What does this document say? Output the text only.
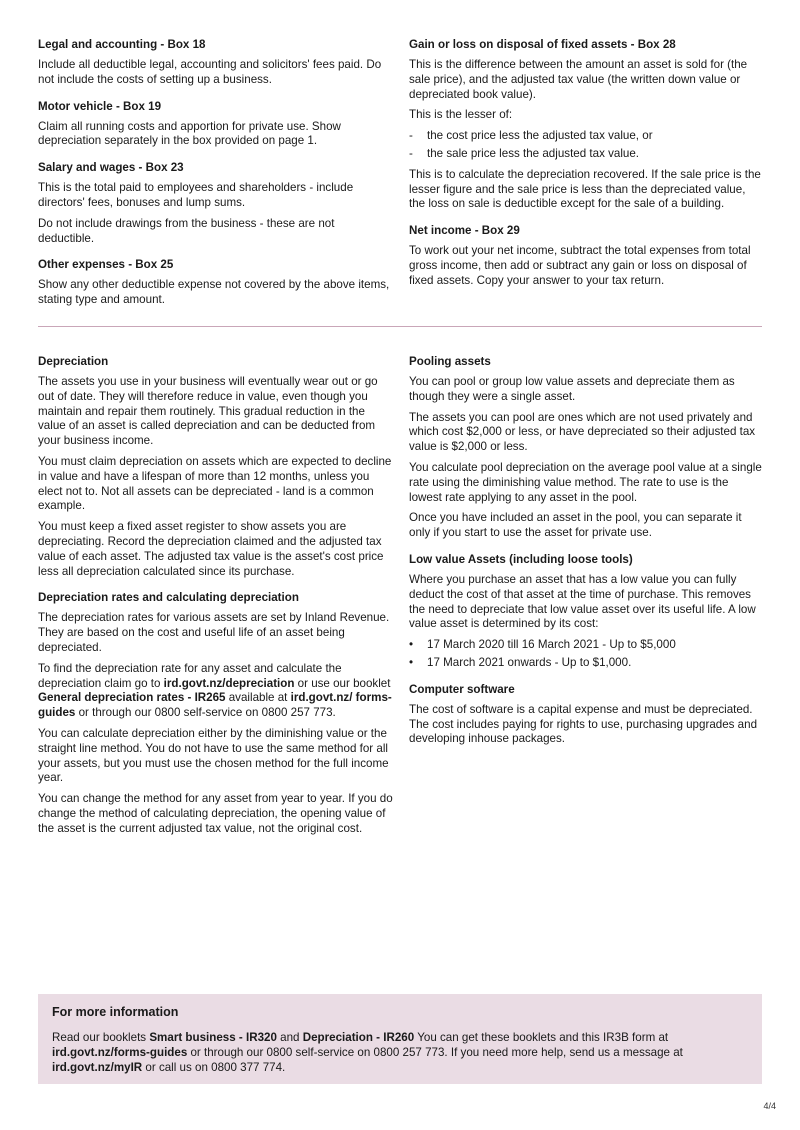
Legal and accounting - Box 18

Include all deductible legal, accounting and solicitors' fees paid. Do not include the costs of setting up a business.

Motor vehicle - Box 19

Claim all running costs and apportion for private use. Show depreciation separately in the box provided on page 1.

Salary and wages - Box 23

This is the total paid to employees and shareholders - include directors' fees, bonuses and lump sums.

Do not include drawings from the business - these are not deductible.

Other expenses - Box 25

Show any other deductible expense not covered by the above items, stating type and amount.

Gain or loss on disposal of fixed assets - Box 28

This is the difference between the amount an asset is sold for (the sale price), and the adjusted tax value (the written down value or depreciated book value).

This is the lesser of:

- the cost price less the adjusted tax value, or
- the sale price less the adjusted tax value.

This is to calculate the depreciation recovered. If the sale price is the lesser figure and the sale price is less than the depreciated value, the loss on sale is deductible except for the sale of a building.

Net income - Box 29

To work out your net income, subtract the total expenses from total gross income, then add or subtract any gain or loss on disposal of fixed assets. Copy your answer to your tax return.

Depreciation

The assets you use in your business will eventually wear out or go out of date. They will therefore reduce in value, even though you maintain and repair them routinely. This gradual reduction in the value of an asset is called depreciation and can be deducted from your business income.

You must claim depreciation on assets which are expected to decline in value and have a lifespan of more than 12 months, unless you elect not to. Not all assets can be depreciated - land is a common example.

You must keep a fixed asset register to show assets you are depreciating. Record the depreciation claimed and the adjusted tax value of each asset. The adjusted tax value is the asset's cost price less all depreciation calculated since its purchase.

Depreciation rates and calculating depreciation

The depreciation rates for various assets are set by Inland Revenue. They are based on the cost and useful life of an asset being depreciated.

To find the depreciation rate for any asset and calculate the depreciation claim go to ird.govt.nz/depreciation or use our booklet General depreciation rates - IR265 available at ird.govt.nz/ forms-guides or through our 0800 self-service on 0800 257 773.

You can calculate depreciation either by the diminishing value or the straight line method. You do not have to use the same method for all your assets, but you must use the chosen method for the full income year.

You can change the method for any asset from year to year. If you do change the method of calculating depreciation, the opening value of the asset is the current adjusted tax value, not the original cost.

Pooling assets

You can pool or group low value assets and depreciate them as though they were a single asset.

The assets you can pool are ones which are not used privately and which cost $2,000 or less, or have depreciated so their adjusted tax value is $2,000 or less.

You calculate pool depreciation on the average pool value at a single rate using the diminishing value method. The rate to use is the lowest rate applying to any asset in the pool.

Once you have included an asset in the pool, you can separate it only if you start to use the asset for private use.

Low value Assets (including loose tools)

Where you purchase an asset that has a low value you can fully deduct the cost of that asset at the time of purchase. This removes the need to depreciate that low value asset over its useful life. A low value asset is determined by its cost:

• 17 March 2020 till 16 March 2021 - Up to $5,000
• 17 March 2021 onwards - Up to $1,000.
Computer software

The cost of software is a capital expense and must be depreciated. The cost includes paying for rights to use, purchasing upgrades and developing inhouse packages.

For more information

Read our booklets Smart business - IR320 and Depreciation - IR260 You can get these booklets and this IR3B form at ird.govt.nz/forms-guides or through our 0800 self-service on 0800 257 773. If you need more help, send us a message at ird.govt.nz/myIR or call us on 0800 377 774.

4/4
